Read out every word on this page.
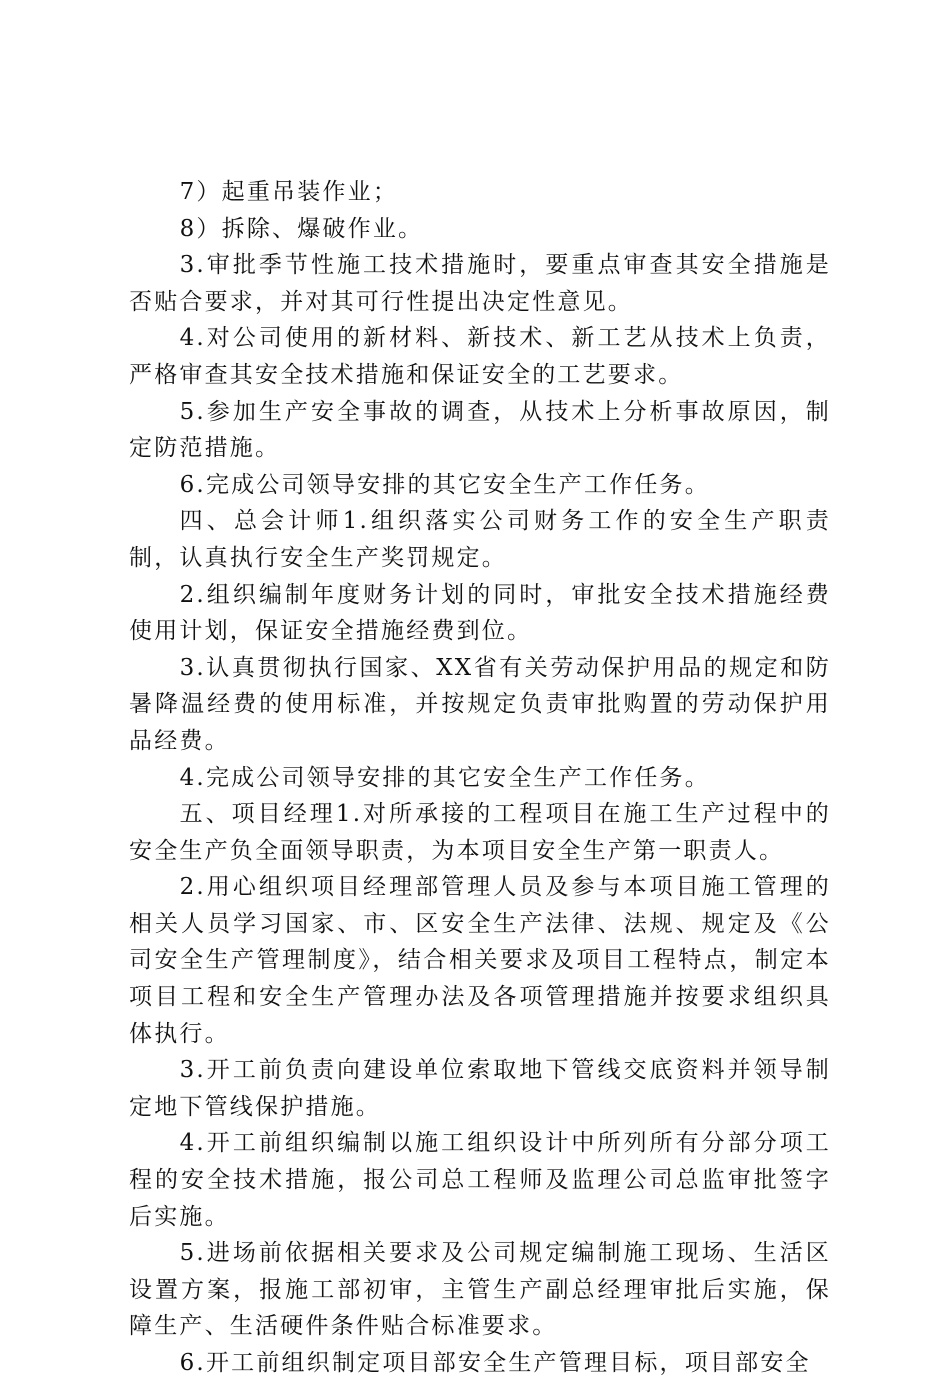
7）起重吊装作业；

8）拆除、爆破作业。

3.审批季节性施工技术措施时，要重点审查其安全措施是否贴合要求，并对其可行性提出决定性意见。

4.对公司使用的新材料、新技术、新工艺从技术上负责，严格审查其安全技术措施和保证安全的工艺要求。

5.参加生产安全事故的调查，从技术上分析事故原因，制定防范措施。

6.完成公司领导安排的其它安全生产工作任务。

四、总会计师1.组织落实公司财务工作的安全生产职责制，认真执行安全生产奖罚规定。

2.组织编制年度财务计划的同时，审批安全技术措施经费使用计划，保证安全措施经费到位。

3.认真贯彻执行国家、XX省有关劳动保护用品的规定和防暑降温经费的使用标准，并按规定负责审批购置的劳动保护用品经费。

4.完成公司领导安排的其它安全生产工作任务。

五、项目经理1.对所承接的工程项目在施工生产过程中的安全生产负全面领导职责，为本项目安全生产第一职责人。

2.用心组织项目经理部管理人员及参与本项目施工管理的相关人员学习国家、市、区安全生产法律、法规、规定及《公司安全生产管理制度》，结合相关要求及项目工程特点，制定本项目工程和安全生产管理办法及各项管理措施并按要求组织具体执行。

3.开工前负责向建设单位索取地下管线交底资料并领导制定地下管线保护措施。

4.开工前组织编制以施工组织设计中所列所有分部分项工程的安全技术措施，报公司总工程师及监理公司总监审批签字后实施。

5.进场前依据相关要求及公司规定编制施工现场、生活区设置方案，报施工部初审，主管生产副总经理审批后实施，保障生产、生活硬件条件贴合标准要求。

6.开工前组织制定项目部安全生产管理目标，项目部安全
